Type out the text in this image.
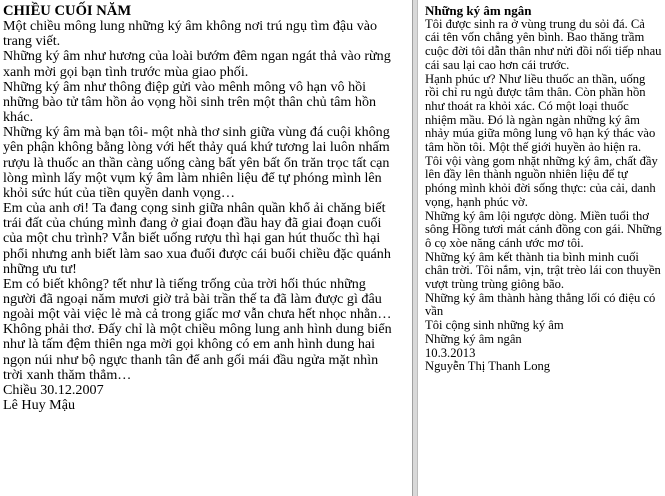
CHIỀU CUỐI NĂM

Một chiều mông lung những ký âm không nơi trú ngụ tìm đậu vào trang viết.

Những ký âm như hương của loài bướm đêm ngan ngát thả vào rừng xanh mời gọi bạn tình trước mùa giao phối.

Những ký âm như thông điệp gửi vào mênh mông vô hạn vô hồi những bào tử tâm hồn ảo vọng hồi sinh trên một thân chủ tâm hồn khác.

Những ký âm mà bạn tôi- một nhà thơ sinh giữa vùng đá cuội không yên phận không bằng lòng với hết thảy quá khứ tương lai luôn nhấm rượu là thuốc an thần càng uống càng bất yên bất ổn trăn trọc tất cạn lòng mình lấy một vụm ký âm làm nhiên liệu để tự phóng mình lên khỏi sức hút của tiền quyền danh vọng…

Em của anh ơi! Ta đang cọng sinh giữa nhân quần khổ ải chăng biết trái đất của chúng mình đang ở giai đoạn đầu hay đã giai đoạn cuối của một chu trình? Vẫn biết uống rượu thì hại gan hút thuốc thì hại phổi nhưng anh biết làm sao xua đuổi được cái buổi chiều đặc quánh những ưu tư!

Em có biết không? tết như là tiếng trống của trời hối thúc những người đã ngoại năm mươi giờ trả bài trần thế ta đã làm được gì đâu ngoài một vài việc lẻ mà cả trong giấc mơ vẫn chưa hết nhọc nhằn…

Không phải thơ. Đấy chỉ là một chiều mông lung anh hình dung biển như là tấm đệm thiên nga mời gọi không có em anh hình dung hai ngọn núi như bộ ngực thanh tân để anh gối mái đầu ngửa mặt nhìn trời xanh thăm thẳm…

Chiều 30.12.2007

Lê Huy Mậu

Những ký âm ngân

Tôi được sinh ra ở vùng trung du sỏi đá. Cả cái tên vốn chẳng yên bình. Bao thăng trầm cuộc đời tôi dẫn thân như nửi đồi nối tiếp nhau cái sau lại cao hơn cái trước.

Hạnh phúc ư? Như liều thuốc an thần, uống rồi chỉ ru ngủ được tâm thân. Còn phần hồn như thoát ra khỏi xác. Có một loại thuốc nhiệm mầu. Đó là ngàn ngàn những ký âm nhảy múa giữa mông lung vô hạn ký thác vào tâm hồn tôi. Một thế giới huyền ảo hiện ra.

Tôi vội vàng gom nhặt những ký âm, chất đầy lên đầy lên thành nguồn nhiên liệu để tự phóng mình khỏi đời sống thực: của cải, danh vọng, hạnh phúc vờ.

Những ký âm lội ngược dòng. Miền tuổi thơ sông Hồng tươi mát cánh đồng con gái. Những ô cọ xòe năng cánh ước mơ tôi.

Những ký âm kết thành tia bình minh cuối chân trời. Tôi nắm, vịn, trật trèo lái con thuyền vượt trùng trùng giông bão.

Những ký âm thành hàng thẳng lối có điệu có vần

Tôi cộng sinh những ký âm

Những ký âm ngân

10.3.2013

Nguyễn Thị Thanh Long
